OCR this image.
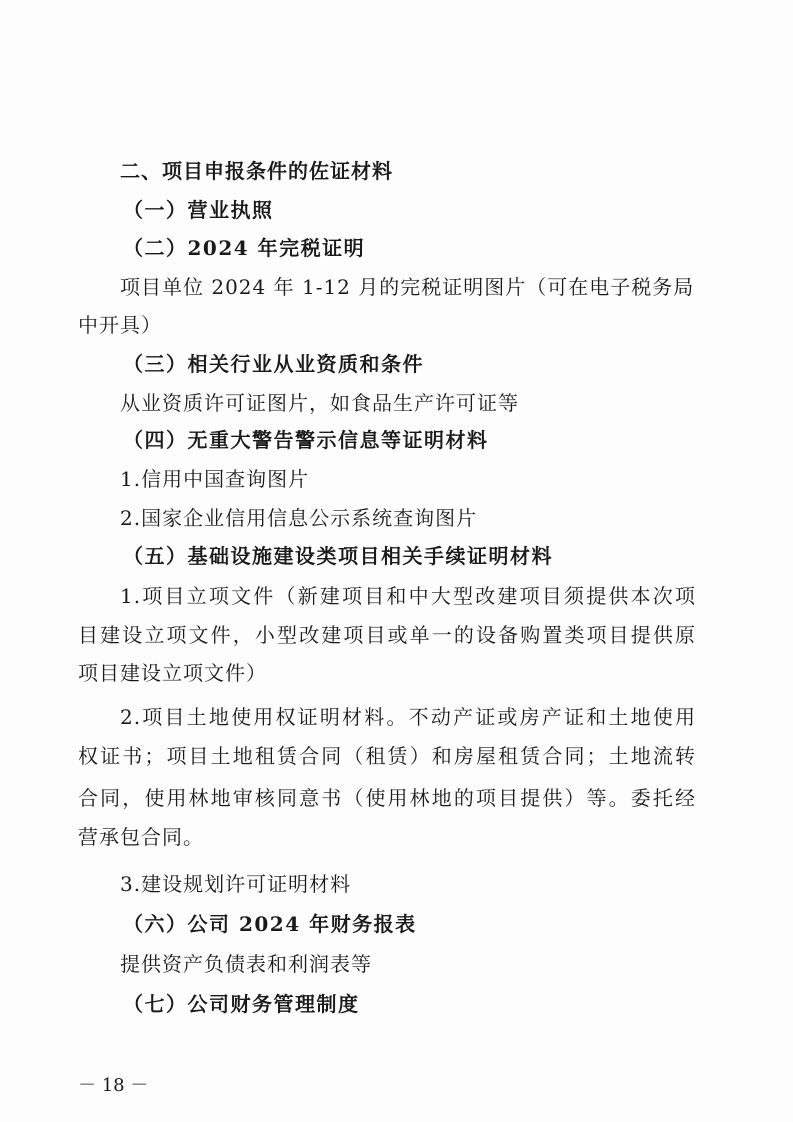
二、项目申报条件的佐证材料
（一）营业执照
（二）2024 年完税证明
项目单位 2024 年 1-12 月的完税证明图片（可在电子税务局
中开具）
（三）相关行业从业资质和条件
从业资质许可证图片，如食品生产许可证等
（四）无重大警告警示信息等证明材料
1.信用中国查询图片
2.国家企业信用信息公示系统查询图片
（五）基础设施建设类项目相关手续证明材料
1.项目立项文件（新建项目和中大型改建项目须提供本次项
目建设立项文件，小型改建项目或单一的设备购置类项目提供原
项目建设立项文件）
2.项目土地使用权证明材料。不动产证或房产证和土地使用
权证书；项目土地租赁合同（租赁）和房屋租赁合同；土地流转
合同，使用林地审核同意书（使用林地的项目提供）等。委托经
营承包合同。
3.建设规划许可证明材料
（六）公司 2024 年财务报表
提供资产负债表和利润表等
（七）公司财务管理制度
－ 18 －
